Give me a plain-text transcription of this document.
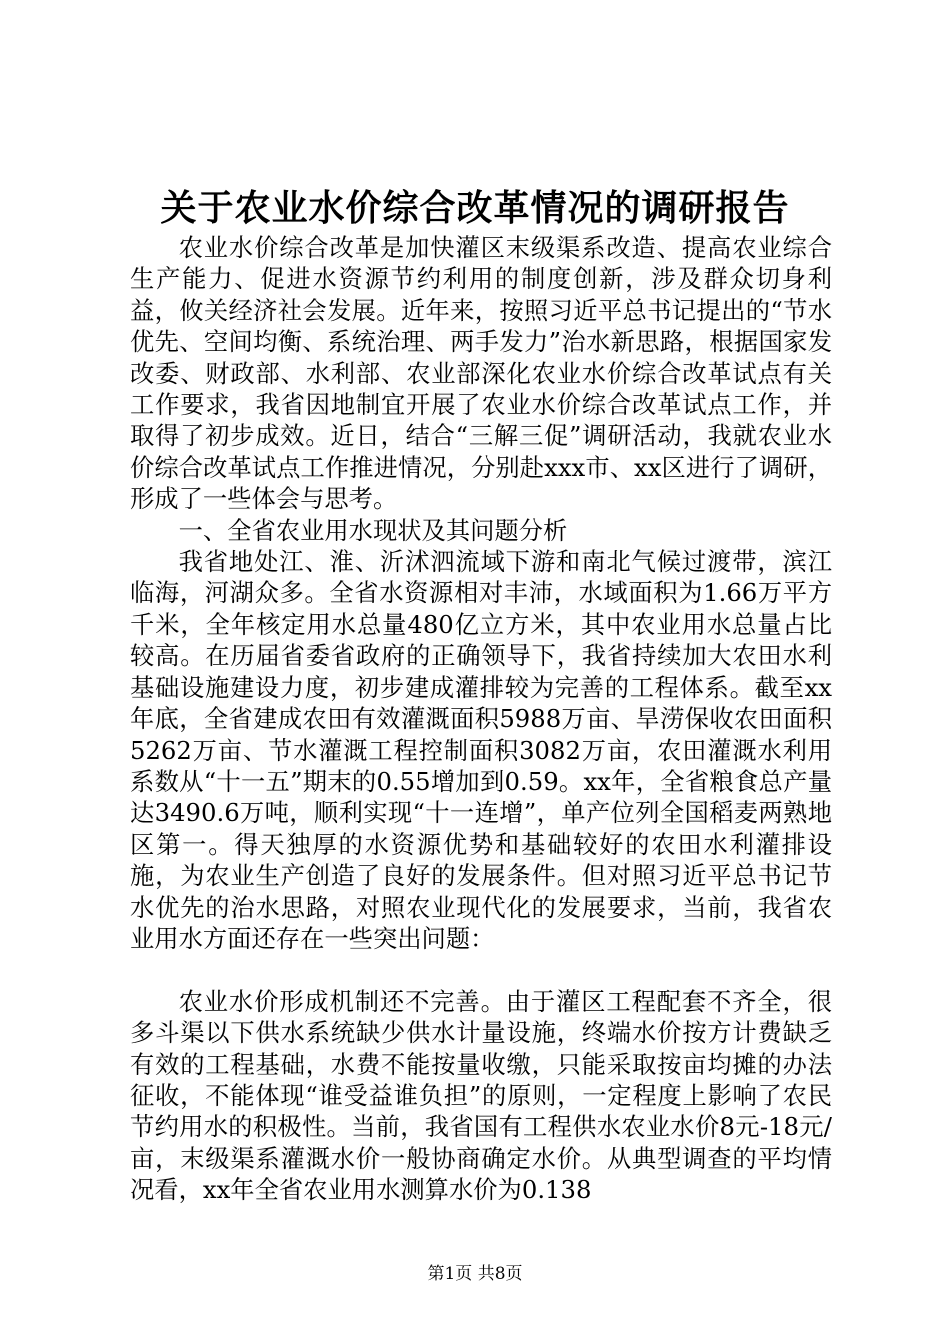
关于农业水价综合改革情况的调研报告

农业水价综合改革是加快灌区末级渠系改造、提高农业综合生产能力、促进水资源节约利用的制度创新，涉及群众切身利益，攸关经济社会发展。近年来，按照习近平总书记提出的“节水优先、空间均衡、系统治理、两手发力”治水新思路，根据国家发改委、财政部、水利部、农业部深化农业水价综合改革试点有关工作要求，我省因地制宜开展了农业水价综合改革试点工作，并取得了初步成效。近日，结合“三解三促”调研活动，我就农业水价综合改革试点工作推进情况，分别赴xxx市、xx区进行了调研，形成了一些体会与思考。

一、全省农业用水现状及其问题分析

我省地处江、淮、沂沭泗流域下游和南北气候过渡带，滨江临海，河湖众多。全省水资源相对丰沛，水域面积为1.66万平方千米，全年核定用水总量480亿立方米，其中农业用水总量占比较高。在历届省委省政府的正确领导下，我省持续加大农田水利基础设施建设力度，初步建成灌排较为完善的工程体系。截至xx年底，全省建成农田有效灌溉面积5988万亩、旱涝保收农田面积5262万亩、节水灌溉工程控制面积3082万亩，农田灌溉水利用系数从“十一五”期末的0.55增加到0.59。xx年，全省粮食总产量达3490.6万吨，顺利实现“十一连增”，单产位列全国稻麦两熟地区第一。得天独厚的水资源优势和基础较好的农田水利灌排设施，为农业生产创造了良好的发展条件。但对照习近平总书记节水优先的治水思路，对照农业现代化的发展要求，当前，我省农业用水方面还存在一些突出问题：

农业水价形成机制还不完善。由于灌区工程配套不齐全，很多斗渠以下供水系统缺少供水计量设施，终端水价按方计费缺乏有效的工程基础，水费不能按量收缴，只能采取按亩均摊的办法征收，不能体现“谁受益谁负担”的原则，一定程度上影响了农民节约用水的积极性。当前，我省国有工程供水农业水价8元-18元/亩，末级渠系灌溉水价一般协商确定水价。从典型调查的平均情况看，xx年全省农业用水测算水价为0.138

第1页 共8页
